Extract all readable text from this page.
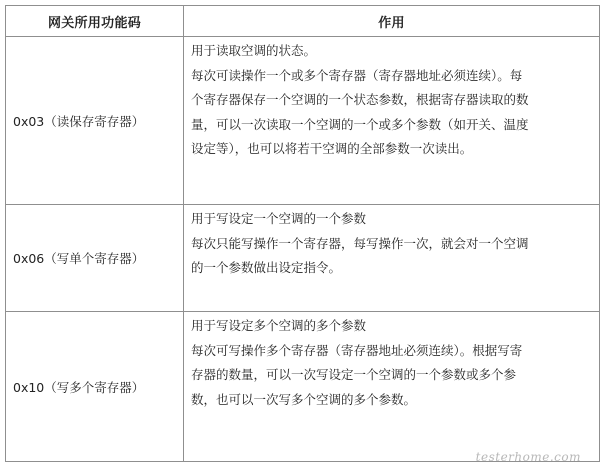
网关所用功能码	作用
0x03（读保存寄存器）	用于读取空调的状态。
每次可读操作一个或多个寄存器（寄存器地址必须连续）。每
个寄存器保存一个空调的一个状态参数，根据寄存器读取的数
量，可以一次读取一个空调的一个或多个参数（如开关、温度
设定等），也可以将若干空调的全部参数一次读出。

0x06（写单个寄存器）	用于写设定一个空调的一个参数
每次只能写操作一个寄存器，每写操作一次，就会对一个空调
的一个参数做出设定指令。

0x10（写多个寄存器）	用于写设定多个空调的多个参数
每次可写操作多个寄存器（寄存器地址必须连续）。根据写寄
存器的数量，可以一次写设定一个空调的一个参数或多个参
数，也可以一次写多个空调的多个参数。
testerhome.com
